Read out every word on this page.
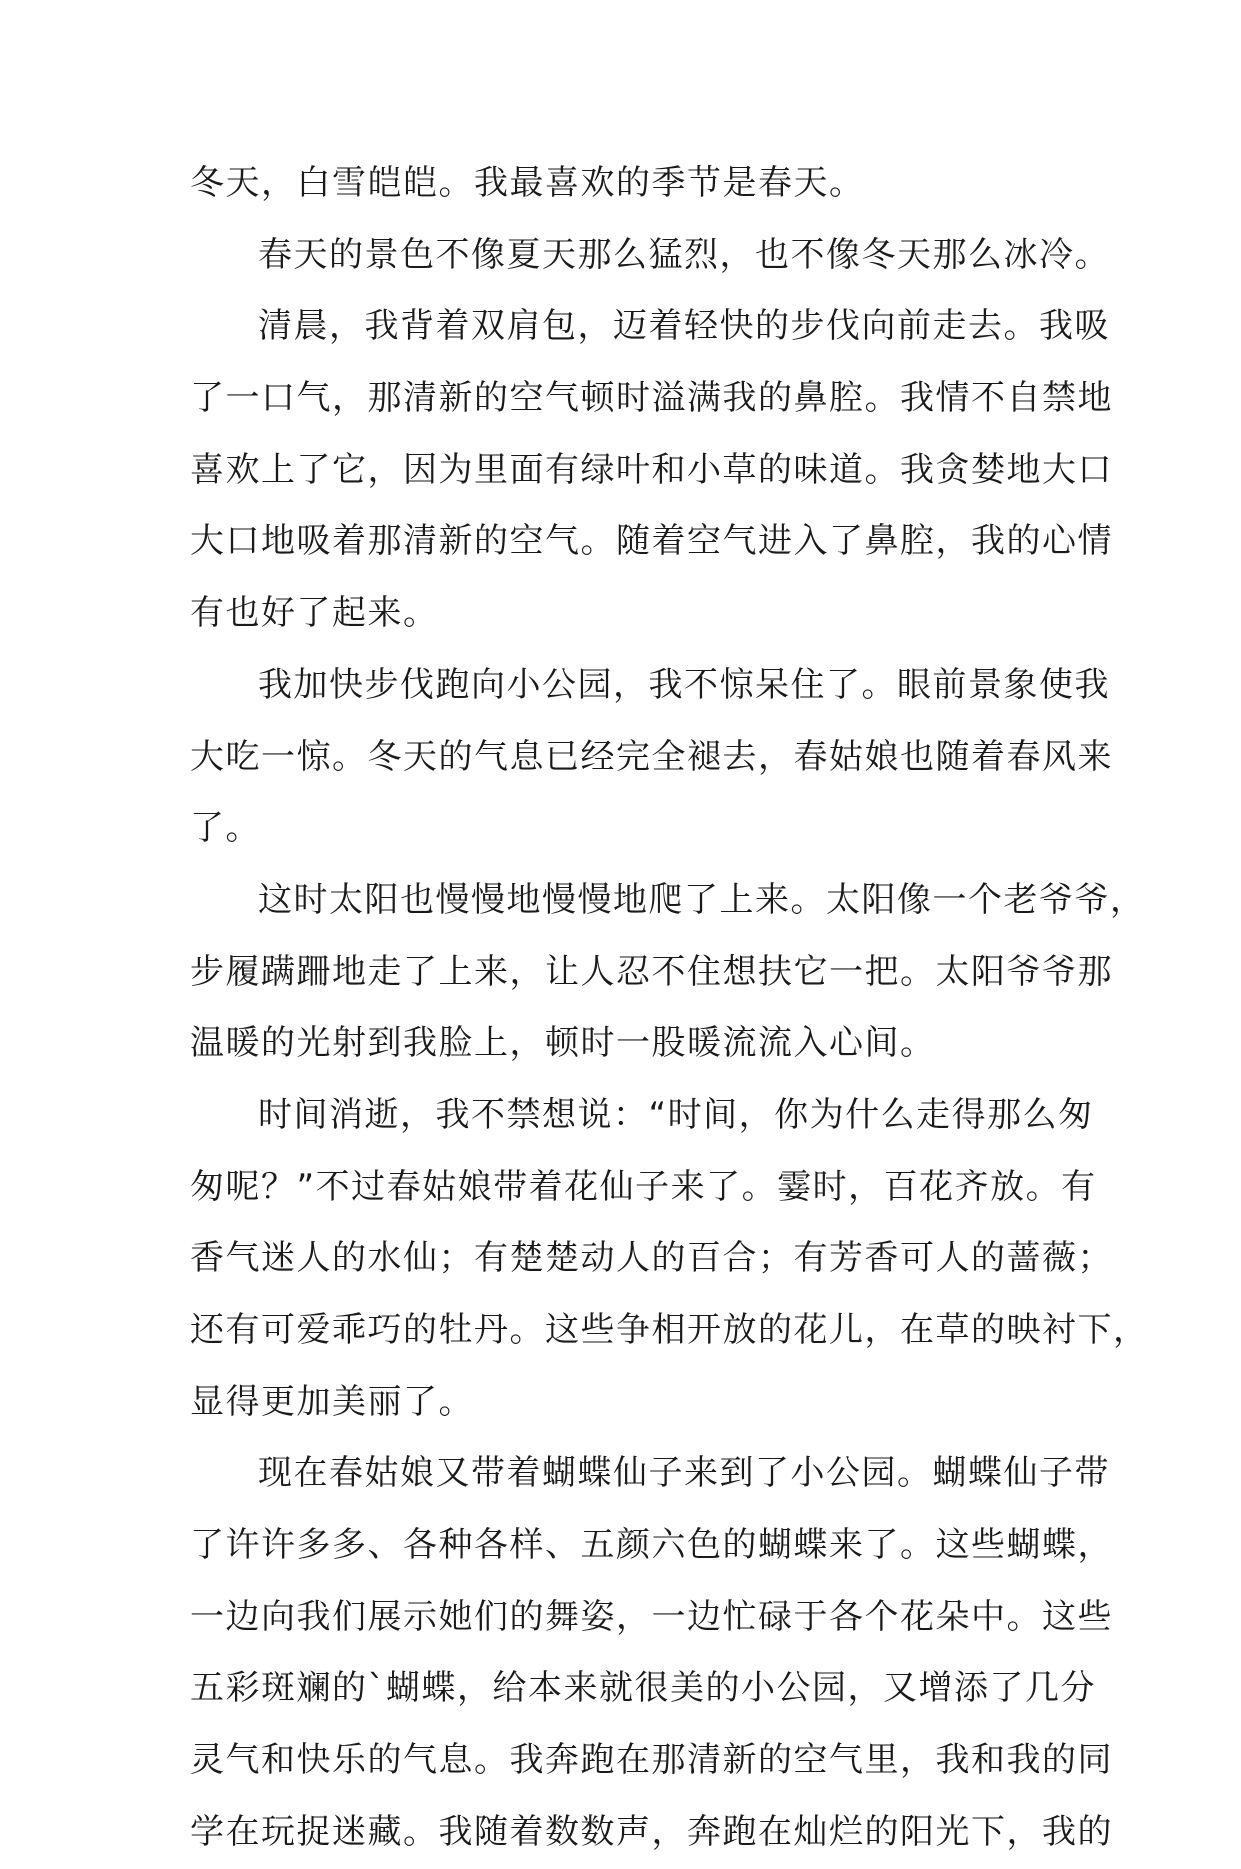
冬天，白雪皑皑。我最喜欢的季节是春天。
春天的景色不像夏天那么猛烈，也不像冬天那么冰冷。
清晨，我背着双肩包，迈着轻快的步伐向前走去。我吸
了一口气，那清新的空气顿时溢满我的鼻腔。我情不自禁地
喜欢上了它，因为里面有绿叶和小草的味道。我贪婪地大口
大口地吸着那清新的空气。随着空气进入了鼻腔，我的心情
有也好了起来。
我加快步伐跑向小公园，我不惊呆住了。眼前景象使我
大吃一惊。冬天的气息已经完全褪去，春姑娘也随着春风来
了。
这时太阳也慢慢地慢慢地爬了上来。太阳像一个老爷爷，
步履蹒跚地走了上来，让人忍不住想扶它一把。太阳爷爷那
温暖的光射到我脸上，顿时一股暖流流入心间。
时间消逝，我不禁想说：“时间，你为什么走得那么匆
匆呢？”不过春姑娘带着花仙子来了。霎时，百花齐放。有
香气迷人的水仙；有楚楚动人的百合；有芳香可人的蔷薇；
还有可爱乖巧的牡丹。这些争相开放的花儿，在草的映衬下，
显得更加美丽了。
现在春姑娘又带着蝴蝶仙子来到了小公园。蝴蝶仙子带
了许许多多、各种各样、五颜六色的蝴蝶来了。这些蝴蝶，
一边向我们展示她们的舞姿，一边忙碌于各个花朵中。这些
五彩斑斓的`蝴蝶，给本来就很美的小公园，又增添了几分
灵气和快乐的气息。我奔跑在那清新的空气里，我和我的同
学在玩捉迷藏。我随着数数声，奔跑在灿烂的阳光下，我的
